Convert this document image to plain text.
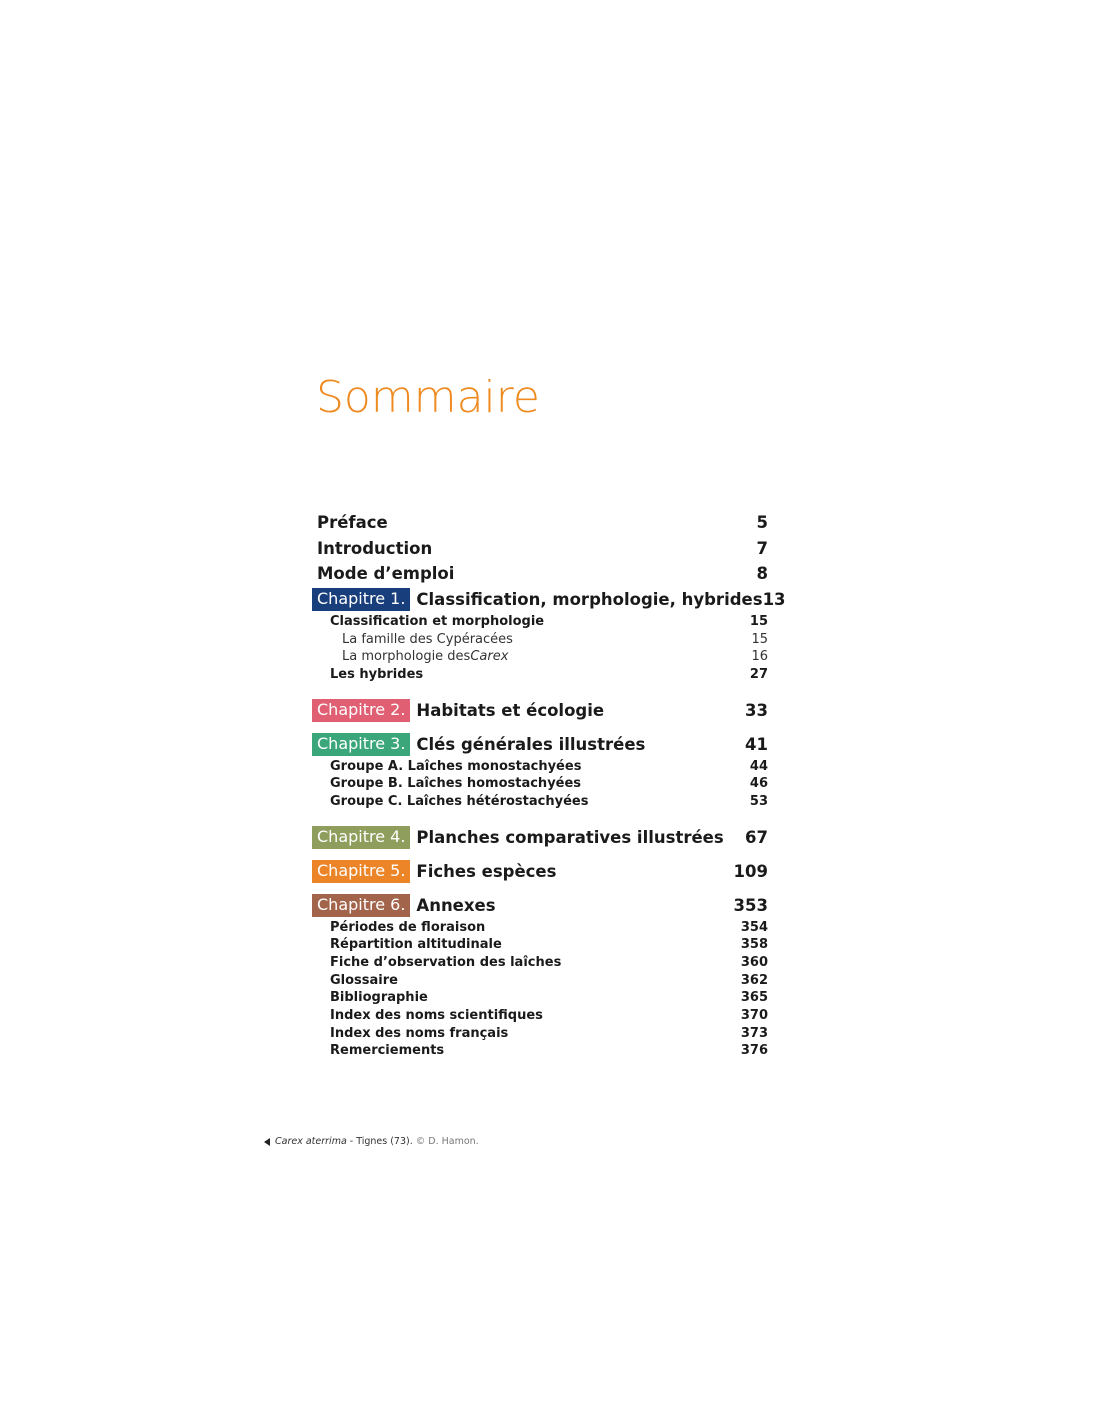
Sommaire
Préface	5
Introduction	7
Mode d’emploi	8
Chapitre 1. Classification, morphologie, hybrides 13
Classification et morphologie	15
La famille des Cypéracées	15
La morphologie des Carex	16
Les hybrides	27
Chapitre 2. Habitats et écologie	33
Chapitre 3. Clés générales illustrées	41
Groupe A. Laîches monostachyées	44
Groupe B. Laîches homostachyées	46
Groupe C. Laîches hétérostachyées	53
Chapitre 4. Planches comparatives illustrées 67
Chapitre 5. Fiches espèces	109
Chapitre 6. Annexes	353
Périodes de floraison	354
Répartition altitudinale	358
Fiche d’observation des laîches	360
Glossaire	362
Bibliographie	365
Index des noms scientifiques	370
Index des noms français	373
Remerciements	376
Carex aterrima - Tignes (73). © D. Hamon.
